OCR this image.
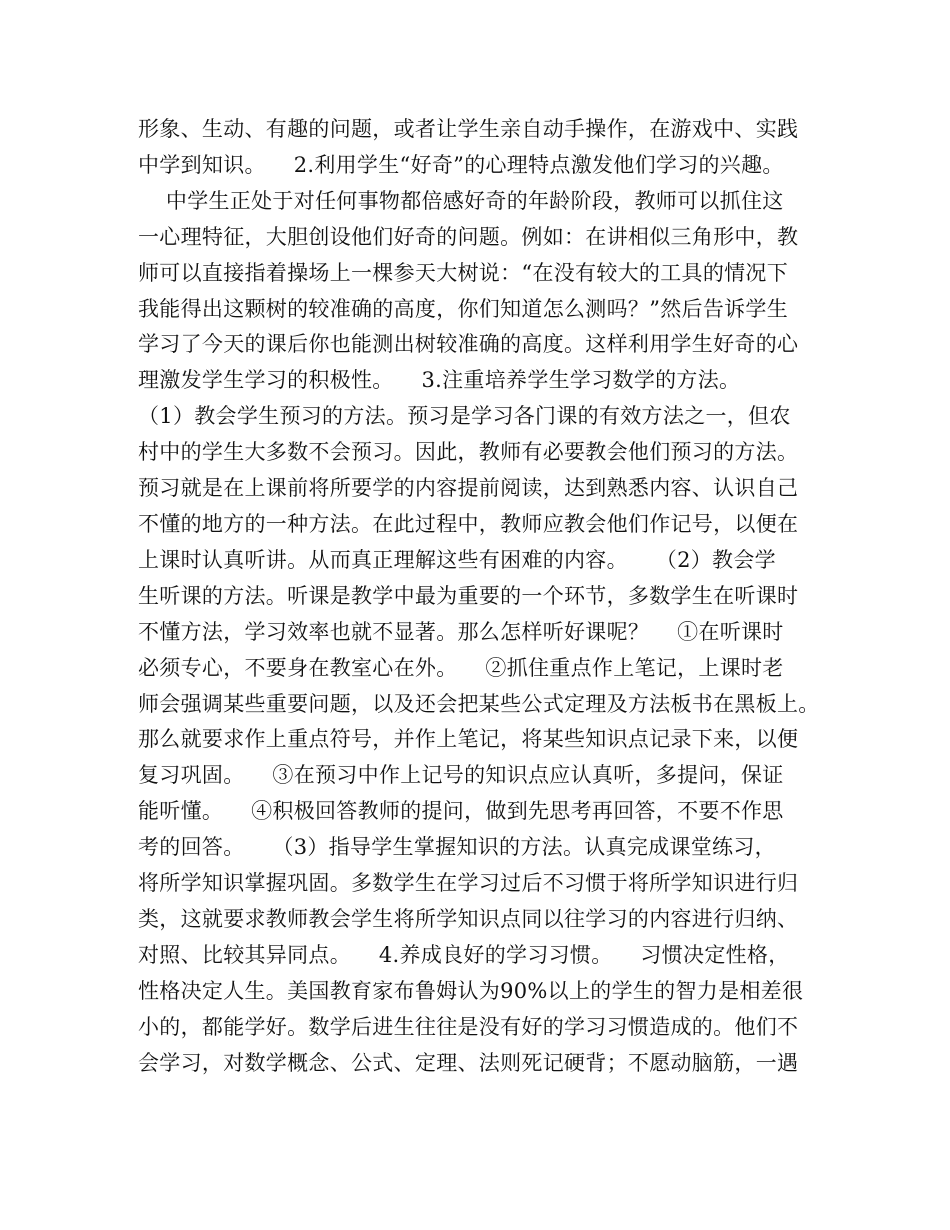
形象、生动、有趣的问题，或者让学生亲自动手操作，在游戏中、实践
中学到知识。    2.利用学生“好奇”的心理特点激发他们学习的兴趣。
中学生正处于对任何事物都倍感好奇的年龄阶段，教师可以抓住这
一心理特征，大胆创设他们好奇的问题。例如：在讲相似三角形中，教
师可以直接指着操场上一棵参天大树说：“在没有较大的工具的情况下
我能得出这颗树的较准确的高度，你们知道怎么测吗？”然后告诉学生
学习了今天的课后你也能测出树较准确的高度。这样利用学生好奇的心
理激发学生学习的积极性。    3.注重培养学生学习数学的方法。
（1）教会学生预习的方法。预习是学习各门课的有效方法之一，但农
村中的学生大多数不会预习。因此，教师有必要教会他们预习的方法。
预习就是在上课前将所要学的内容提前阅读，达到熟悉内容、认识自己
不懂的地方的一种方法。在此过程中，教师应教会他们作记号，以便在
上课时认真听讲。从而真正理解这些有困难的内容。    （2）教会学
生听课的方法。听课是教学中最为重要的一个环节，多数学生在听课时
不懂方法，学习效率也就不显著。那么怎样听好课呢？    ①在听课时
必须专心，不要身在教室心在外。    ②抓住重点作上笔记，上课时老
师会强调某些重要问题，以及还会把某些公式定理及方法板书在黑板上。
那么就要求作上重点符号，并作上笔记，将某些知识点记录下来，以便
复习巩固。    ③在预习中作上记号的知识点应认真听，多提问，保证
能听懂。    ④积极回答教师的提问，做到先思考再回答，不要不作思
考的回答。    （3）指导学生掌握知识的方法。认真完成课堂练习，
将所学知识掌握巩固。多数学生在学习过后不习惯于将所学知识进行归
类，这就要求教师教会学生将所学知识点同以往学习的内容进行归纳、
对照、比较其异同点。    4.养成良好的学习习惯。    习惯决定性格，
性格决定人生。美国教育家布鲁姆认为90%以上的学生的智力是相差很
小的，都能学好。数学后进生往往是没有好的学习习惯造成的。他们不
会学习，对数学概念、公式、定理、法则死记硬背；不愿动脑筋，一遇
